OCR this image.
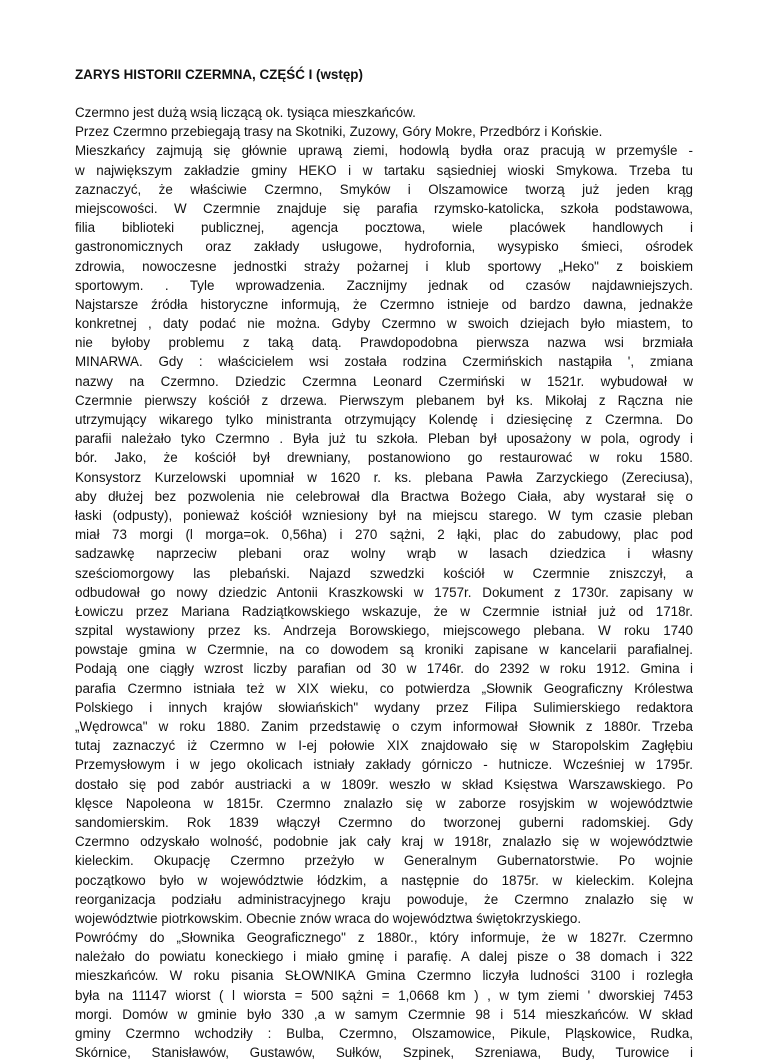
ZARYS HISTORII CZERMNA, CZĘŚĆ I (wstęp)
Czermno jest dużą wsią liczącą ok. tysiąca mieszkańców.
Przez Czermno przebiegają trasy na Skotniki, Zuzowy, Góry Mokre, Przedbórz i Końskie.
Mieszkańcy zajmują się głównie uprawą ziemi, hodowlą bydła oraz pracują w przemyśle -
w największym zakładzie gminy HEKO i w tartaku sąsiedniej wioski Smykowa. Trzeba tu
zaznaczyć, że właściwie Czermno, Smyków i Olszamowice tworzą już jeden krąg
miejscowości. W Czermnie znajduje się parafia rzymsko-katolicka, szkoła podstawowa,
filia biblioteki publicznej, agencja pocztowa, wiele placówek handlowych i
gastronomicznych oraz zakłady usługowe, hydrofornia, wysypisko śmieci, ośrodek
zdrowia, nowoczesne jednostki straży pożarnej i klub sportowy „Heko" z boiskiem
sportowym. . Tyle wprowadzenia. Zacznijmy jednak od czasów najdawniejszych.
Najstarsze źródła historyczne informują, że Czermno istnieje od bardzo dawna, jednakże
konkretnej , daty podać nie można. Gdyby Czermno w swoich dziejach było miastem, to
nie byłoby problemu z taką datą. Prawdopodobna pierwsza nazwa wsi brzmiała
MINARWA. Gdy : właścicielem wsi została rodzina Czermińskich nastąpiła ', zmiana
nazwy na Czermno. Dziedzic Czermna Leonard Czermiński w 1521r. wybudował w
Czermnie pierwszy kościół z drzewa. Pierwszym plebanem był ks. Mikołaj z Rączna nie
utrzymujący wikarego tylko ministranta otrzymujący Kolendę i dziesięcinę z Czermna. Do
parafii należało tyko Czermno . Była już tu szkoła. Pleban był uposażony w pola, ogrody i
bór. Jako, że kościół był drewniany, postanowiono go restaurować w roku 1580.
Konsystorz Kurzelowski upomniał w 1620 r. ks. plebana Pawła Zarzyckiego (Zereciusa),
aby dłużej bez pozwolenia nie celebrował dla Bractwa Bożego Ciała, aby wystarał się o
łaski (odpusty), ponieważ kościół wzniesiony był na miejscu starego. W tym czasie pleban
miał 73 morgi (l morga=ok. 0,56ha) i 270 sążni, 2 łąki, plac do zabudowy, plac pod
sadzawkę naprzeciw plebani oraz wolny wrąb w lasach dziedzica i własny
sześciomorgowy las plebański. Najazd szwedzki kościół w Czermnie zniszczył, a
odbudował go nowy dziedzic Antonii Kraszkowski w 1757r. Dokument z 1730r. zapisany w
Łowiczu przez Mariana Radziątkowskiego wskazuje, że w Czermnie istniał już od 1718r.
szpital wystawiony przez ks. Andrzeja Borowskiego, miejscowego plebana. W roku 1740
powstaje gmina w Czermnie, na co dowodem są kroniki zapisane w kancelarii parafialnej.
Podają one ciągły wzrost liczby parafian od 30 w 1746r. do 2392 w roku 1912. Gmina i
parafia Czermno istniała też w XIX wieku, co potwierdza „Słownik Geograficzny Królestwa
Polskiego i innych krajów słowiańskich" wydany przez Filipa Sulimierskiego redaktora
„Wędrowca" w roku 1880. Zanim przedstawię o czym informował Słownik z 1880r. Trzeba
tutaj zaznaczyć iż Czermno w I-ej połowie XIX znajdowało się w Staropolskim Zagłębiu
Przemysłowym i w jego okolicach istniały zakłady górniczo - hutnicze. Wcześniej w 1795r.
dostało się pod zabór austriacki a w 1809r. weszło w skład Księstwa Warszawskiego. Po
klęsce Napoleona w 1815r. Czermno znalazło się w zaborze rosyjskim w województwie
sandomierskim. Rok 1839 włączył Czermno do tworzonej guberni radomskiej. Gdy
Czermno odzyskało wolność, podobnie jak cały kraj w 1918r, znalazło się w województwie
kieleckim. Okupację Czermno przeżyło w Generalnym Gubernatorstwie. Po wojnie
początkowo było w województwie łódzkim, a następnie do 1875r. w kieleckim. Kolejna
reorganizacja podziału administracyjnego kraju powoduje, że Czermno znalazło się w
województwie piotrkowskim. Obecnie znów wraca do województwa świętokrzyskiego.
Powróćmy do „Słownika Geograficznego" z 1880r., który informuje, że w 1827r. Czermno
należało do powiatu koneckiego i miało gminę i parafię. A dalej pisze o 38 domach i 322
mieszkańców. W roku pisania SŁOWNIKA Gmina Czermno liczyła ludności 3100 i rozległa
była na 11147 wiorst ( l wiorsta = 500 sążni = 1,0668 km ) , w tym ziemi ' dworskiej 7453
morgi. Domów w gminie było 330 ,a w samym Czermnie 98 i 514 mieszkańców. W skład
gminy Czermno wchodziły : Bulba, Czermno, Olszamowice, Pikule, Pląskowice, Rudka,
Skórnice, Stanisławów, Gustawów, Sułków, Szpinek, Szreniawa, Budy, Turowice i
